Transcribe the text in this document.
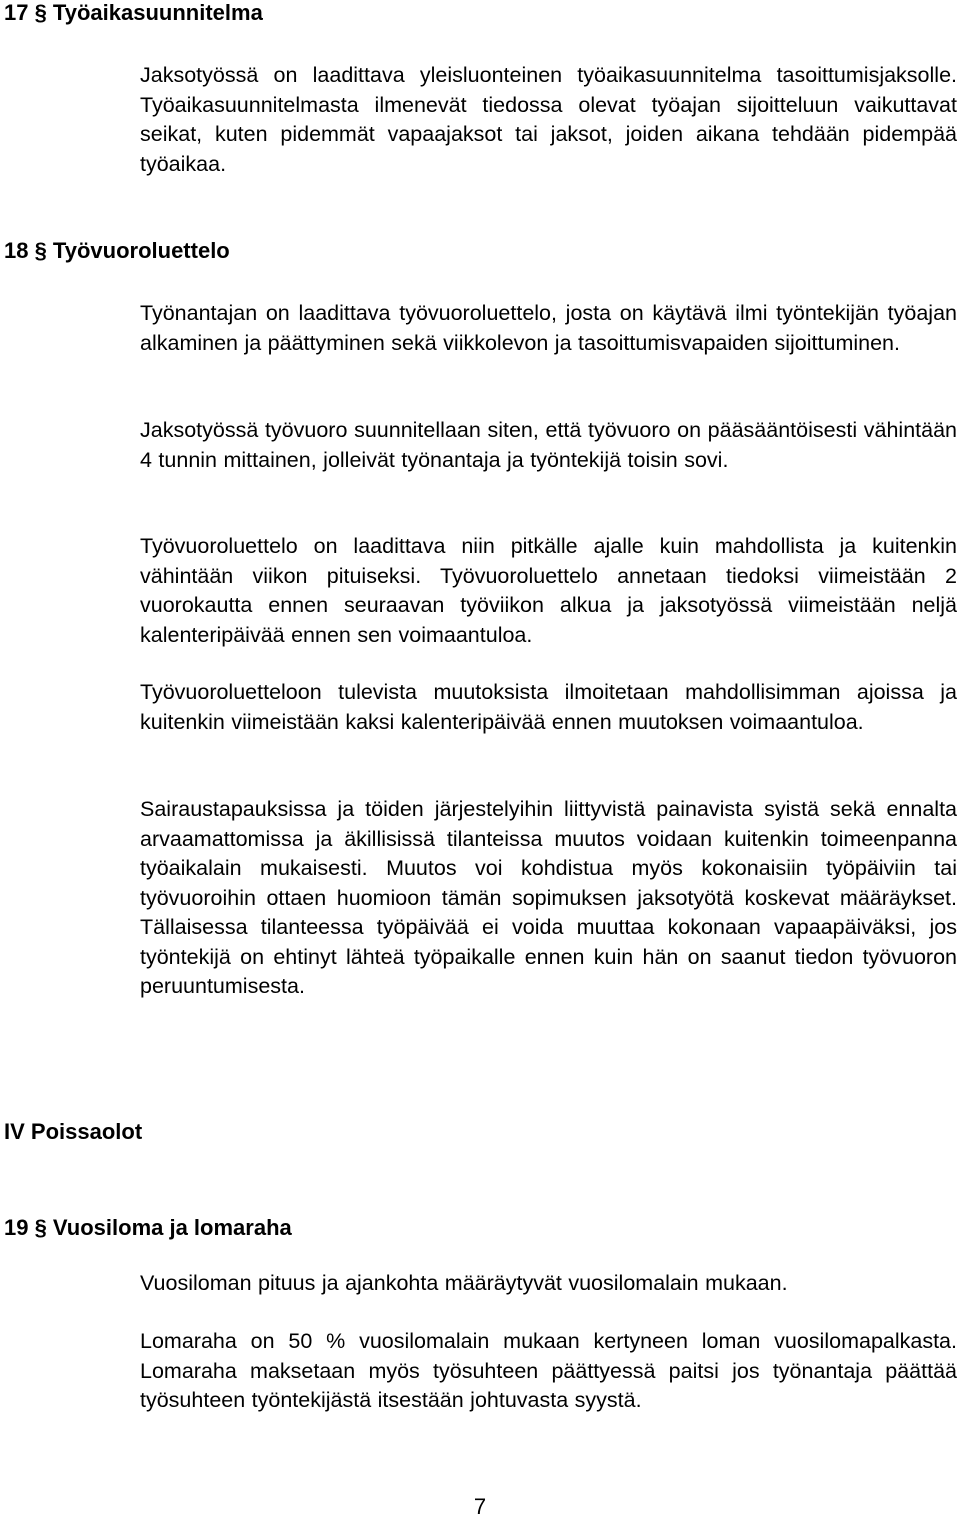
17 § Työaikasuunnitelma

Jaksotyössä on laadittava yleisluonteinen työaikasuunnitelma tasoittumisjaksolle. Työaikasuunnitelmasta ilmenevät tiedossa olevat työajan sijoitteluun vaikuttavat seikat, kuten pidemmät vapaajaksot tai jaksot, joiden aikana tehdään pidempää työaikaa.

18 § Työvuoroluettelo

Työnantajan on laadittava työvuoroluettelo, josta on käytävä ilmi työntekijän työajan alkaminen ja päättyminen sekä viikkolevon ja tasoittumisvapaiden sijoittuminen.

Jaksotyössä työvuoro suunnitellaan siten, että työvuoro on pääsääntöisesti vähintään 4 tunnin mittainen, jolleivät työnantaja ja työntekijä toisin sovi.

Työvuoroluettelo on laadittava niin pitkälle ajalle kuin mahdollista ja kuitenkin vähintään viikon pituiseksi. Työvuoroluettelo annetaan tiedoksi viimeistään 2 vuorokautta ennen seuraavan työviikon alkua ja jaksotyössä viimeistään neljä kalenteripäivää ennen sen voimaantuloa.

Työvuoroluetteloon tulevista muutoksista ilmoitetaan mahdollisimman ajoissa ja kuitenkin viimeistään kaksi kalenteripäivää ennen muutoksen voimaantuloa.

Sairaustapauksissa ja töiden järjestelyihin liittyvistä painavista syistä sekä ennalta arvaamattomissa ja äkillisissä tilanteissa muutos voidaan kuitenkin toimeenpanna työaikalain mukaisesti. Muutos voi kohdistua myös kokonaisiin työpäiviin tai työvuoroihin ottaen huomioon tämän sopimuksen jaksotyötä koskevat määräykset. Tällaisessa tilanteessa työpäivää ei voida muuttaa kokonaan vapaapäiväksi, jos työntekijä on ehtinyt lähteä työpaikalle ennen kuin hän on saanut tiedon työvuoron peruuntumisesta.

IV Poissaolot
19 § Vuosiloma ja lomaraha

Vuosiloman pituus ja ajankohta määräytyvät vuosilomalain mukaan.

Lomaraha on 50 % vuosilomalain mukaan kertyneen loman vuosilomapalkasta. Lomaraha maksetaan myös työsuhteen päättyessä paitsi jos työnantaja päättää työsuhteen työntekijästä itsestään johtuvasta syystä.

7
